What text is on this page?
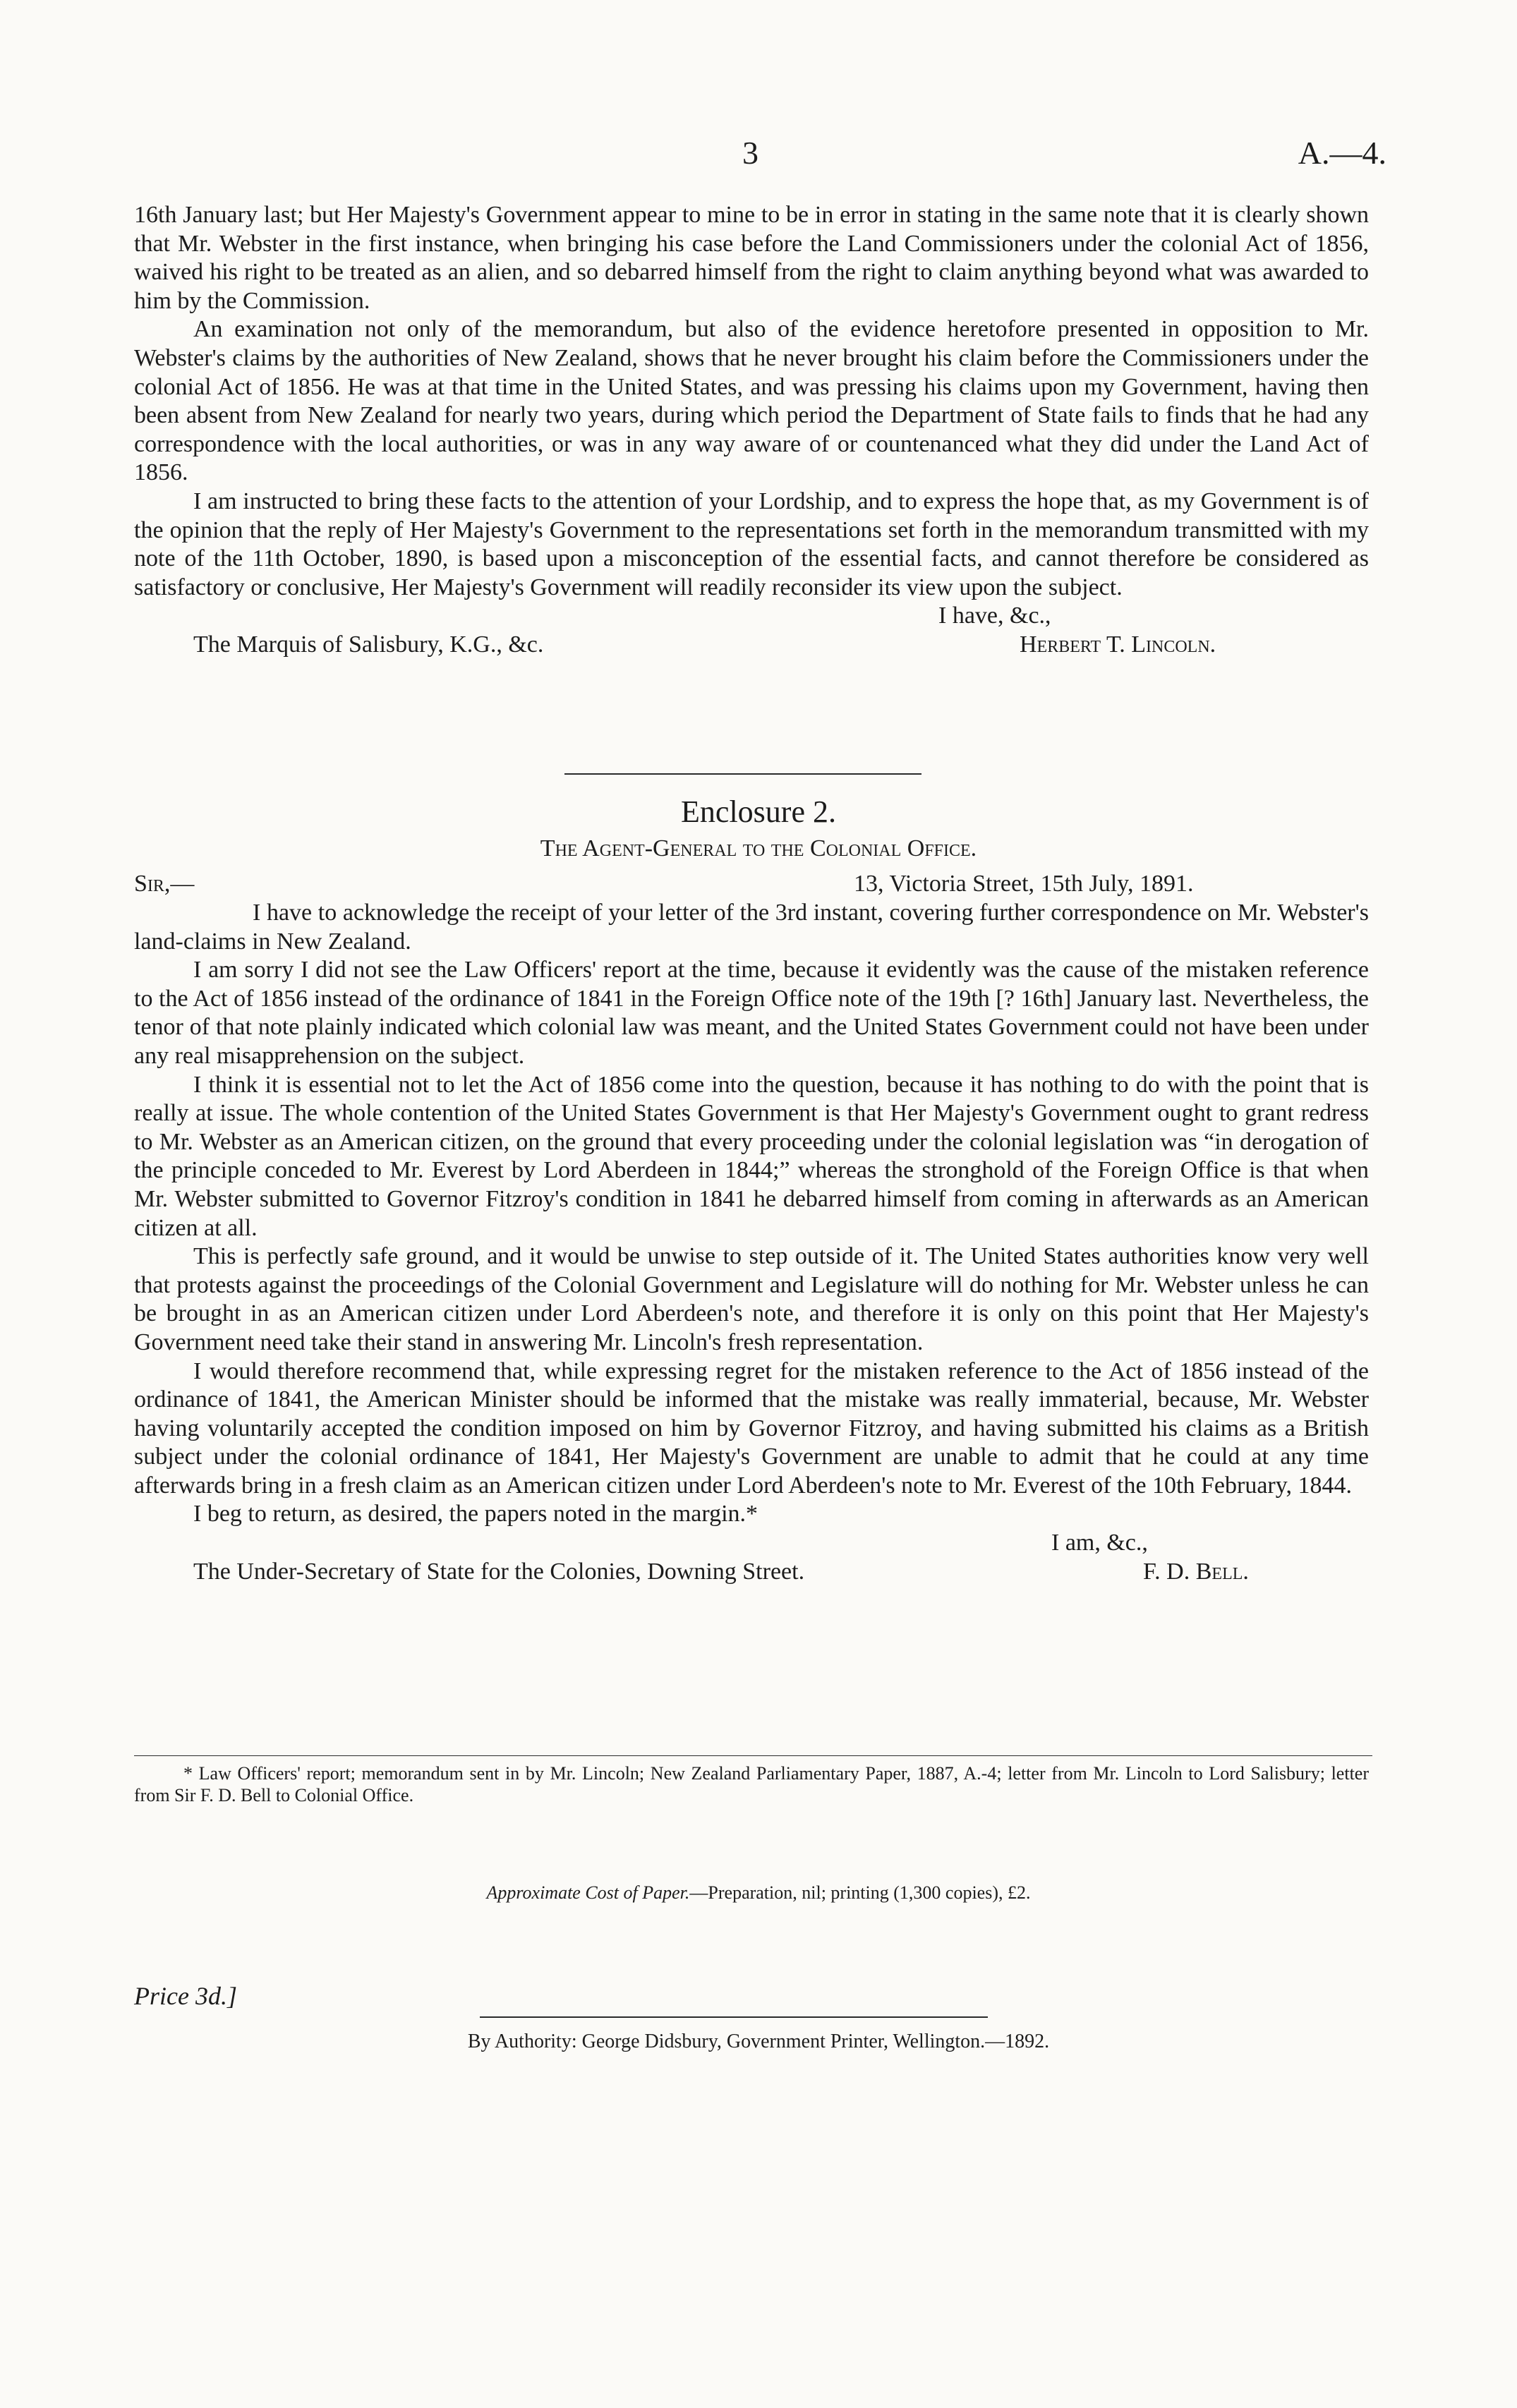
3	A.—4.

16th January last; but Her Majesty's Government appear to mine to be in error in stating in the same note that it is clearly shown that Mr. Webster in the first instance, when bringing his case before the Land Commissioners under the colonial Act of 1856, waived his right to be treated as an alien, and so debarred himself from the right to claim anything beyond what was awarded to him by the Commission.

An examination not only of the memorandum, but also of the evidence heretofore presented in opposition to Mr. Webster's claims by the authorities of New Zealand, shows that he never brought his claim before the Commissioners under the colonial Act of 1856. He was at that time in the United States, and was pressing his claims upon my Government, having then been absent from New Zealand for nearly two years, during which period the Department of State fails to finds that he had any correspondence with the local authorities, or was in any way aware of or countenanced what they did under the Land Act of 1856.

I am instructed to bring these facts to the attention of your Lordship, and to express the hope that, as my Government is of the opinion that the reply of Her Majesty's Government to the representations set forth in the memorandum transmitted with my note of the 11th October, 1890, is based upon a misconception of the essential facts, and cannot therefore be considered as satisfactory or conclusive, Her Majesty's Government will readily reconsider its view upon the subject.

I have, &c.,
The Marquis of Salisbury, K.G., &c.	Herbert T. Lincoln.
Enclosure 2.
The Agent-General to the Colonial Office.
Sir,—	13, Victoria Street, 15th July, 1891.

I have to acknowledge the receipt of your letter of the 3rd instant, covering further correspondence on Mr. Webster's land-claims in New Zealand.

I am sorry I did not see the Law Officers' report at the time, because it evidently was the cause of the mistaken reference to the Act of 1856 instead of the ordinance of 1841 in the Foreign Office note of the 19th [? 16th] January last. Nevertheless, the tenor of that note plainly indicated which colonial law was meant, and the United States Government could not have been under any real misapprehension on the subject.

I think it is essential not to let the Act of 1856 come into the question, because it has nothing to do with the point that is really at issue. The whole contention of the United States Government is that Her Majesty's Government ought to grant redress to Mr. Webster as an American citizen, on the ground that every proceeding under the colonial legislation was “in derogation of the principle conceded to Mr. Everest by Lord Aberdeen in 1844;” whereas the stronghold of the Foreign Office is that when Mr. Webster submitted to Governor Fitzroy's condition in 1841 he debarred himself from coming in afterwards as an American citizen at all.

This is perfectly safe ground, and it would be unwise to step outside of it. The United States authorities know very well that protests against the proceedings of the Colonial Government and Legislature will do nothing for Mr. Webster unless he can be brought in as an American citizen under Lord Aberdeen's note, and therefore it is only on this point that Her Majesty's Government need take their stand in answering Mr. Lincoln's fresh representation.

I would therefore recommend that, while expressing regret for the mistaken reference to the Act of 1856 instead of the ordinance of 1841, the American Minister should be informed that the mistake was really immaterial, because, Mr. Webster having voluntarily accepted the condition imposed on him by Governor Fitzroy, and having submitted his claims as a British subject under the colonial ordinance of 1841, Her Majesty's Government are unable to admit that he could at any time afterwards bring in a fresh claim as an American citizen under Lord Aberdeen's note to Mr. Everest of the 10th February, 1844.

I beg to return, as desired, the papers noted in the margin.*

I am, &c.,
The Under-Secretary of State for the Colonies, Downing Street.	F. D. Bell.

* Law Officers' report; memorandum sent in by Mr. Lincoln; New Zealand Parliamentary Paper, 1887, A.-4; letter from Mr. Lincoln to Lord Salisbury; letter from Sir F. D. Bell to Colonial Office.

Approximate Cost of Paper.—Preparation, nil; printing (1,300 copies), £2.
Price 3d.]
By Authority: George Didsbury, Government Printer, Wellington.—1892.
